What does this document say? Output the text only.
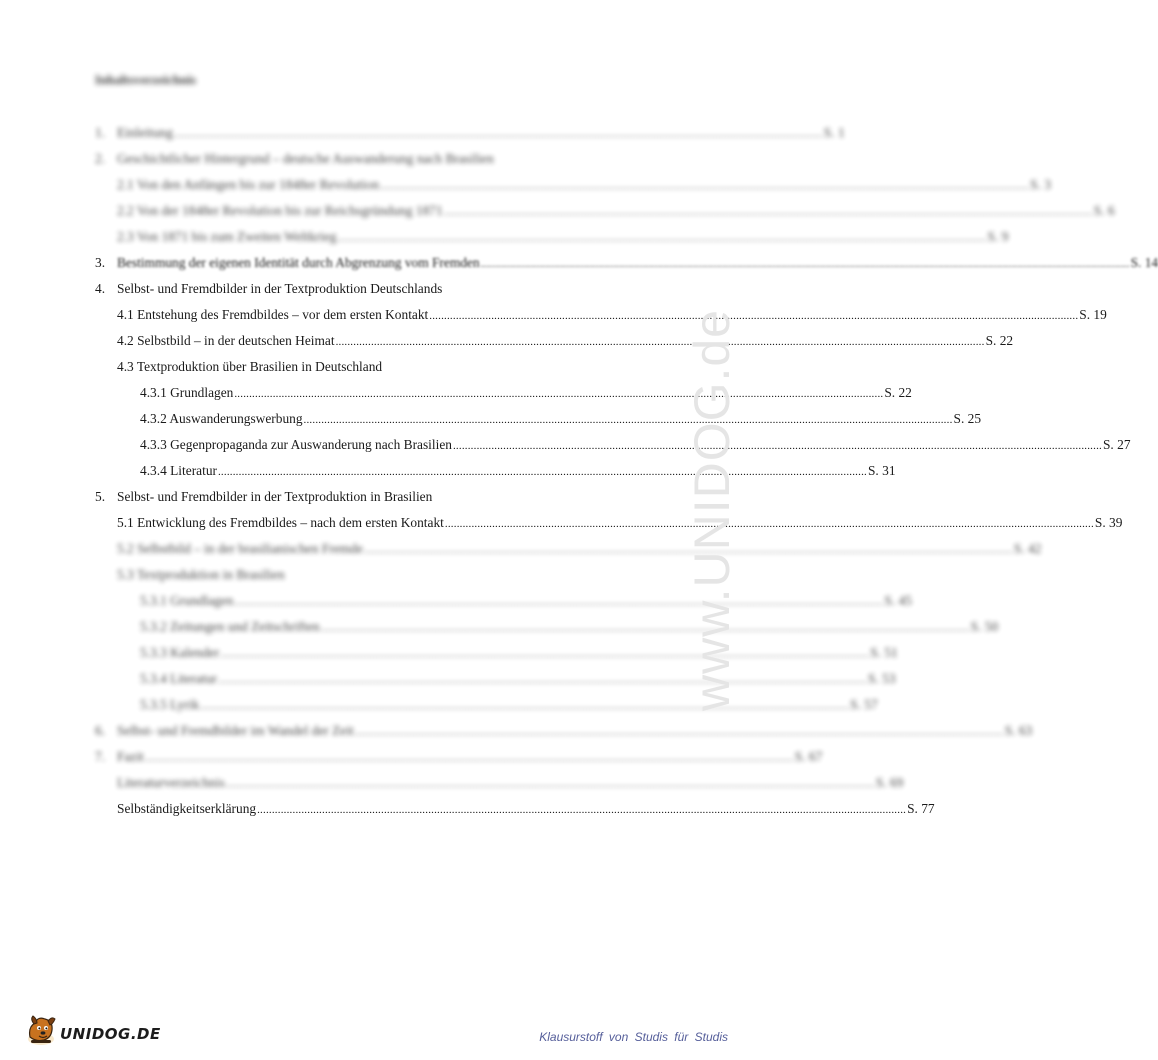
Inhaltsverzeichnis
1. Einleitung ............................................................................................................................................................................................................................ S. 1
2. Geschichtlicher Hintergrund – deutsche Auswanderung nach Brasilien
2.1 Von den Anfängen bis zur 1848er Revolution ............................................................................................................................................................................................................................ S. 3
2.2 Von der 1848er Revolution bis zur Reichsgründung 1871 ............................................................................................................................................................................................................................ S. 6
2.3 Von 1871 bis zum Zweiten Weltkrieg ............................................................................................................................................................................................................................ S. 9
3. Bestimmung der eigenen Identität durch Abgrenzung vom Fremden ............................................................................................................................................................................................................................ S. 14
4. Selbst- und Fremdbilder in der Textproduktion Deutschlands
4.1 Entstehung des Fremdbildes – vor dem ersten Kontakt ............................................................................................................................................................................................................................ S. 19
4.2 Selbstbild – in der deutschen Heimat ............................................................................................................................................................................................................................ S. 22
4.3 Textproduktion über Brasilien in Deutschland
4.3.1 Grundlagen ............................................................................................................................................................................................................................ S. 22
4.3.2 Auswanderungswerbung ............................................................................................................................................................................................................................ S. 25
4.3.3 Gegenpropaganda zur Auswanderung nach Brasilien ............................................................................................................................................................................................................................ S. 27
4.3.4 Literatur ............................................................................................................................................................................................................................ S. 31
5. Selbst- und Fremdbilder in der Textproduktion in Brasilien
5.1 Entwicklung des Fremdbildes – nach dem ersten Kontakt ............................................................................................................................................................................................................................ S. 39
5.2 Selbstbild – in der brasilianischen Fremde ............................................................................................................................................................................................................................ S. 42
5.3 Textproduktion in Brasilien
5.3.1 Grundlagen ............................................................................................................................................................................................................................ S. 45
5.3.2 Zeitungen und Zeitschriften ............................................................................................................................................................................................................................ S. 50
5.3.3 Kalender ............................................................................................................................................................................................................................ S. 51
5.3.4 Literatur ............................................................................................................................................................................................................................ S. 53
5.3.5 Lyrik ............................................................................................................................................................................................................................ S. 57
6. Selbst- und Fremdbilder im Wandel der Zeit ............................................................................................................................................................................................................................ S. 63
7. Fazit ............................................................................................................................................................................................................................ S. 67
Literaturverzeichnis ............................................................................................................................................................................................................................ S. 69
Selbständigkeitserklärung ............................................................................................................................................................................................................................ S. 77
www.UNIDOG.de
UNIDOG.DE	Klausurstoff von Studis für Studis
